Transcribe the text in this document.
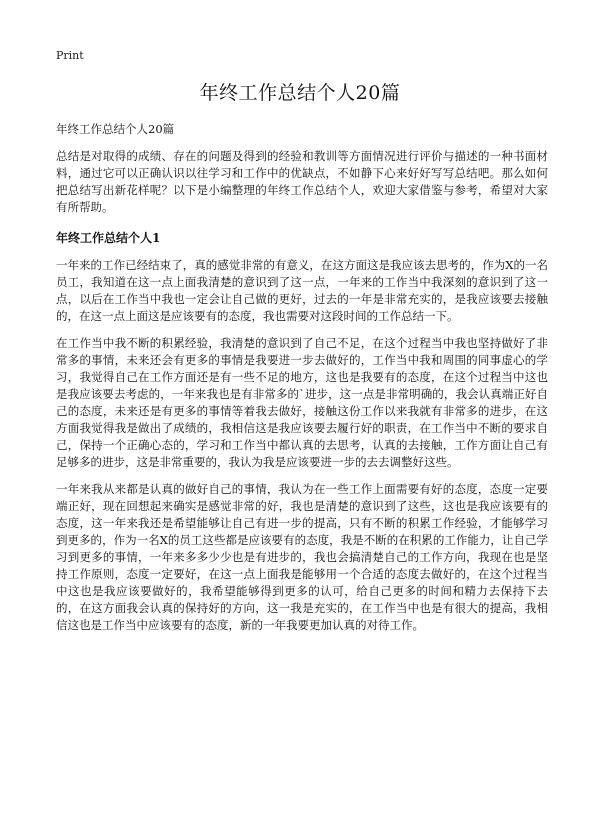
Print
年终工作总结个人20篇

年终工作总结个人20篇

总结是对取得的成绩、存在的问题及得到的经验和教训等方面情况进行评价与描述的一种书面材料，通过它可以正确认识以往学习和工作中的优缺点，不如静下心来好好写写总结吧。那么如何把总结写出新花样呢？以下是小编整理的年终工作总结个人，欢迎大家借鉴与参考，希望对大家有所帮助。

年终工作总结个人1

一年来的工作已经结束了，真的感觉非常的有意义，在这方面这是我应该去思考的，作为X的一名员工，我知道在这一点上面我清楚的意识到了这一点，一年来的工作当中我深刻的意识到了这一点，以后在工作当中我也一定会让自己做的更好，过去的一年是非常充实的，是我应该要去接触的，在这一点上面这是应该要有的态度，我也需要对这段时间的工作总结一下。

在工作当中我不断的积累经验，我清楚的意识到了自己不足，在这个过程当中我也坚持做好了非常多的事情，未来还会有更多的事情是我要进一步去做好的，工作当中我和周围的同事虚心的学习，我觉得自己在工作方面还是有一些不足的地方，这也是我要有的态度，在这个过程当中这也是我应该要去考虑的，一年来我也是有非常多的`进步，这一点是非常明确的，我会认真端正好自己的态度，未来还是有更多的事情等着我去做好，接触这份工作以来我就有非常多的进步，在这方面我觉得我是做出了成绩的，我相信这是我应该要去履行好的职责，在工作当中不断的要求自己，保持一个正确心态的，学习和工作当中都认真的去思考，认真的去接触，工作方面让自己有足够多的进步，这是非常重要的，我认为我是应该要进一步的去去调整好这些。

一年来我从来都是认真的做好自己的事情，我认为在一些工作上面需要有好的态度，态度一定要端正好，现在回想起来确实是感觉非常的好，我也是清楚的意识到了这些，这也是我应该要有的态度，这一年来我还是希望能够让自己有进一步的提高，只有不断的积累工作经验，才能够学习到更多的，作为一名X的员工这些都是应该要有的态度，我是不断的在积累的工作能力，让自己学习到更多的事情，一年来多多少少也是有进步的，我也会搞清楚自己的工作方向，我现在也是坚持工作原则，态度一定要好，在这一点上面我是能够用一个合适的态度去做好的，在这个过程当中这也是我应该要做好的，我希望能够得到更多的认可，给自己更多的时间和精力去保持下去的，在这方面我会认真的保持好的方向，这一我是充实的，在工作当中也是有很大的提高，我相信这也是工作当中应该要有的态度，新的一年我要更加认真的对待工作。
